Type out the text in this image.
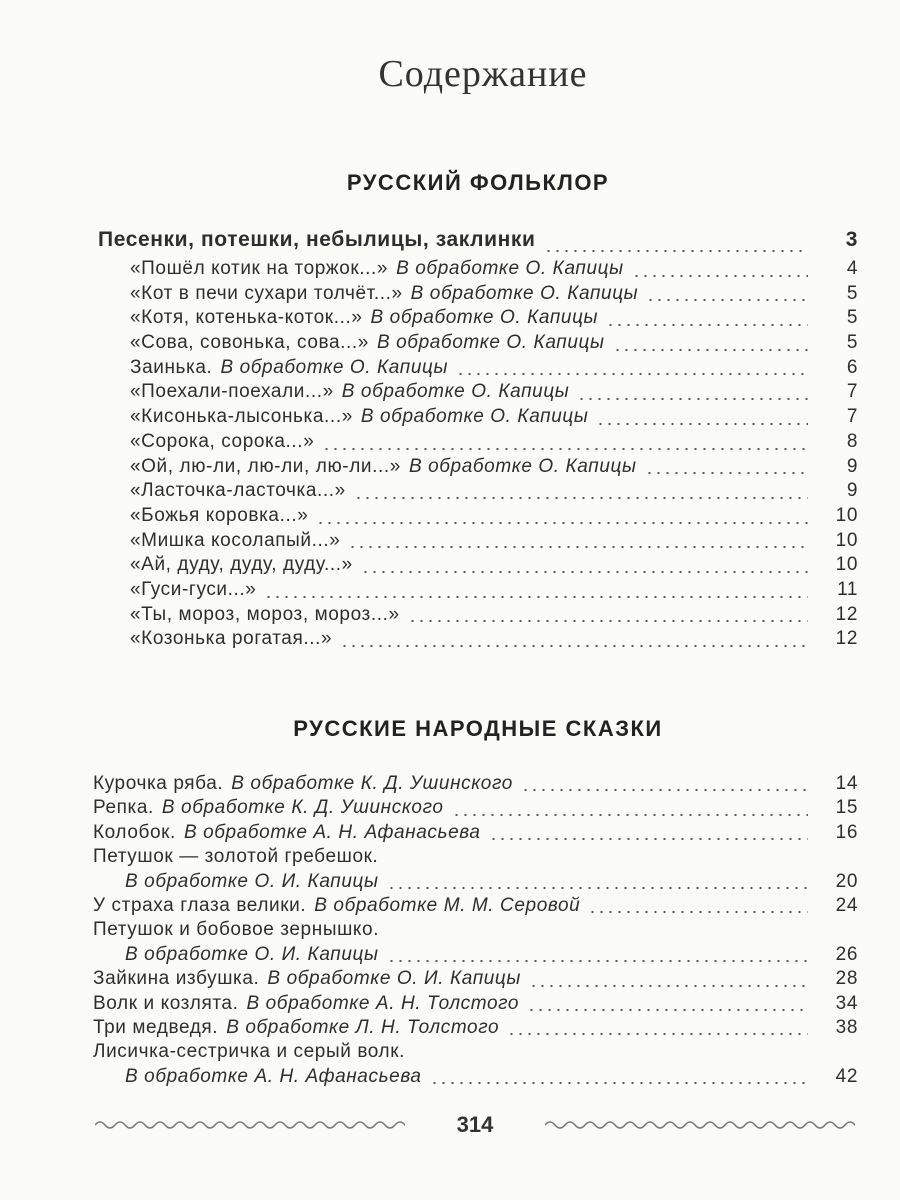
Содержание
РУССКИЙ ФОЛЬКЛОР
Песенки, потешки, небылицы, заклинки	3
«Пошёл котик на торжок...» В обработке О. Капицы	4
«Кот в печи сухари толчёт...» В обработке О. Капицы	5
«Котя, котенька-коток...» В обработке О. Капицы	5
«Сова, совонька, сова...» В обработке О. Капицы	5
Заинька. В обработке О. Капицы	6
«Поехали-поехали...» В обработке О. Капицы	7
«Кисонька-лысонька...» В обработке О. Капицы	7
«Сорока, сорока...»	8
«Ой, лю-ли, лю-ли, лю-ли...» В обработке О. Капицы	9
«Ласточка-ласточка...»	9
«Божья коровка...»	10
«Мишка косолапый...»	10
«Ай, дуду, дуду, дуду...»	10
«Гуси-гуси...»	11
«Ты, мороз, мороз, мороз...»	12
«Козонька рогатая...»	12
РУССКИЕ НАРОДНЫЕ СКАЗКИ
Курочка ряба. В обработке К. Д. Ушинского	14
Репка. В обработке К. Д. Ушинского	15
Колобок. В обработке А. Н. Афанасьева	16
Петушок — золотой гребешок.
В обработке О. И. Капицы	20
У страха глаза велики. В обработке М. М. Серовой	24
Петушок и бобовое зернышко.
В обработке О. И. Капицы	26
Зайкина избушка. В обработке О. И. Капицы	28
Волк и козлята. В обработке А. Н. Толстого	34
Три медведя. В обработке Л. Н. Толстого	38
Лисичка-сестричка и серый волк.
В обработке А. Н. Афанасьева	42
314
